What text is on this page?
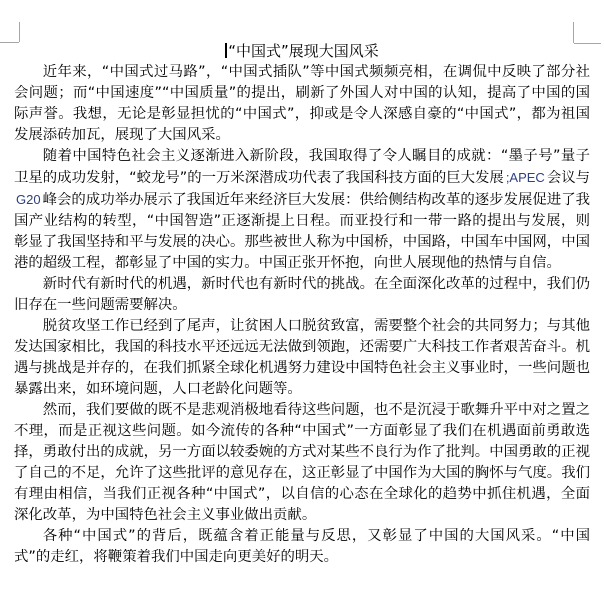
“中国式”展现大国风采

近年来，“中国式过马路”，“中国式插队”等中国式频频亮相，在调侃中反映了部分社会问题；而“中国速度”“中国质量”的提出，刷新了外国人对中国的认知，提高了中国的国际声誉。我想，无论是彰显担忧的“中国式”，抑或是令人深感自豪的“中国式”，都为祖国发展添砖加瓦，展现了大国风采。

随着中国特色社会主义逐渐进入新阶段，我国取得了令人瞩目的成就：“墨子号”量子卫星的成功发射，“蛟龙号”的一万米深潜成功代表了我国科技方面的巨大发展 ;APEC 会议与G20 峰会的成功举办展示了我国近年来经济巨大发展：供给侧结构改革的逐步发展促进了我国产业结构的转型，“中国智造”正逐渐提上日程。而亚投行和一带一路的提出与发展，则彰显了我国坚持和平与发展的决心。那些被世人称为中国桥，中国路，中国车中国网，中国港的超级工程，都彰显了中国的实力。中国正张开怀抱，向世人展现他的热情与自信。

新时代有新时代的机遇，新时代也有新时代的挑战。在全面深化改革的过程中，我们仍旧存在一些问题需要解决。

脱贫攻坚工作已经到了尾声，让贫困人口脱贫致富，需要整个社会的共同努力；与其他发达国家相比，我国的科技水平还远远无法做到领跑，还需要广大科技工作者艰苦奋斗。机遇与挑战是并存的，在我们抓紧全球化机遇努力建设中国特色社会主义事业时，一些问题也暴露出来，如环境问题，人口老龄化问题等。

然而，我们要做的既不是悲观消极地看待这些问题，也不是沉浸于歌舞升平中对之置之不理，而是正视这些问题。如今流传的各种“中国式”一方面彰显了我们在机遇面前勇敢选择，勇敢付出的成就，另一方面以较委婉的方式对某些不良行为作了批判。中国勇敢的正视了自己的不足，允许了这些批评的意见存在，这正彰显了中国作为大国的胸怀与气度。我们有理由相信，当我们正视各种“中国式”，以自信的心态在全球化的趋势中抓住机遇，全面深化改革，为中国特色社会主义事业做出贡献。

各种“中国式”的背后，既蕴含着正能量与反思，又彰显了中国的大国风采。“中国式”的走红，将鞭策着我们中国走向更美好的明天。
